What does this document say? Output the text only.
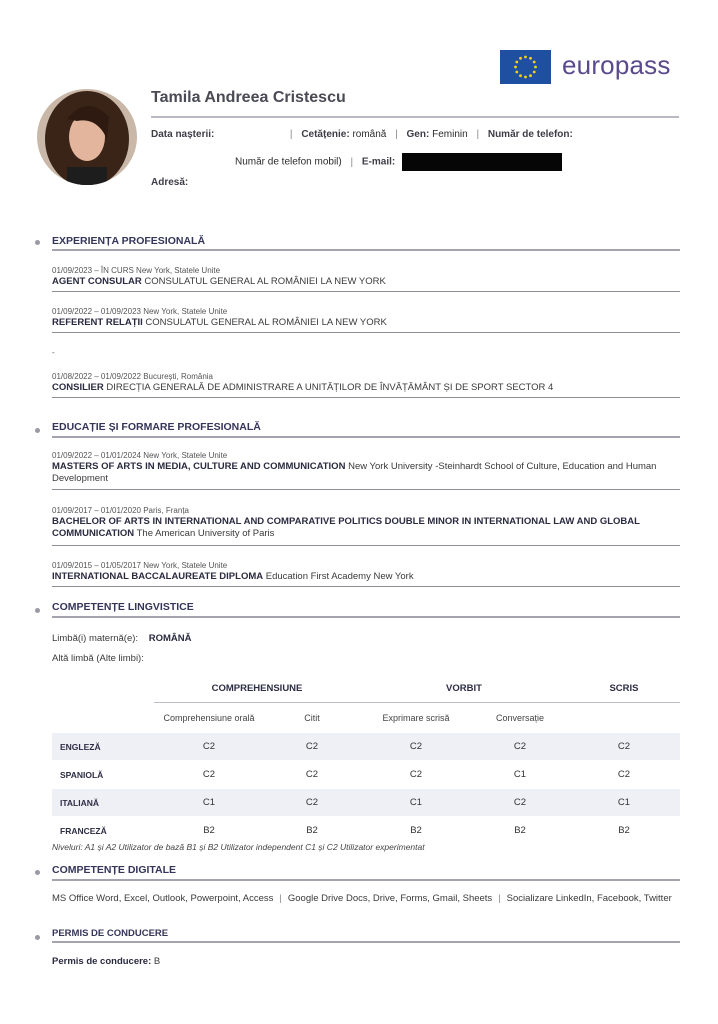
europass
Tamila Andreea Cristescu
Data nașterii:	| Cetățenie: română | Gen: Feminin | Număr de telefon:
Număr de telefon mobil) | E-mail:
Adresă:
EXPERIENȚA PROFESIONALĂ
01/09/2023 – ÎN CURS New York, Statele Unite
AGENT CONSULAR CONSULATUL GENERAL AL ROMÂNIEI LA NEW YORK
01/09/2022 – 01/09/2023 New York, Statele Unite
REFERENT RELAȚII CONSULATUL GENERAL AL ROMÂNIEI LA NEW YORK
-
01/08/2022 – 01/09/2022 București, România
CONSILIER DIRECȚIA GENERALĂ DE ADMINISTRARE A UNITĂȚILOR DE ÎNVĂȚĂMÂNT ȘI DE SPORT SECTOR 4
EDUCAȚIE ȘI FORMARE PROFESIONALĂ
01/09/2022 – 01/01/2024 New York, Statele Unite
MASTERS OF ARTS IN MEDIA, CULTURE AND COMMUNICATION New York University -Steinhardt School of Culture, Education and Human Development
01/09/2017 – 01/01/2020 Paris, Franța
BACHELOR OF ARTS IN INTERNATIONAL AND COMPARATIVE POLITICS DOUBLE MINOR IN INTERNATIONAL LAW AND GLOBAL COMMUNICATION The American University of Paris
01/09/2015 – 01/05/2017 New York, Statele Unite
INTERNATIONAL BACCALAUREATE DIPLOMA Education First Academy New York
COMPETENȚE LINGVISTICE
Limbă(i) maternă(e): ROMÂNĂ
Altă limbă (Alte limbi):
	COMPREHENSIUNE		VORBIT		SCRIS
	Comprehensiune orală	Citit	Exprimare scrisă	Conversație	
ENGLEZĂ	C2	C2	C2	C2	C2
SPANIOLĂ	C2	C2	C2	C1	C2
ITALIANĂ	C1	C2	C1	C2	C1
FRANCEZĂ	B2	B2	B2	B2	B2
Niveluri: A1 și A2 Utilizator de bază B1 și B2 Utilizator independent C1 și C2 Utilizator experimentat
COMPETENȚE DIGITALE
MS Office Word, Excel, Outlook, Powerpoint, Access | Google Drive Docs, Drive, Forms, Gmail, Sheets | Socializare LinkedIn, Facebook, Twitter
PERMIS DE CONDUCERE
Permis de conducere: B
